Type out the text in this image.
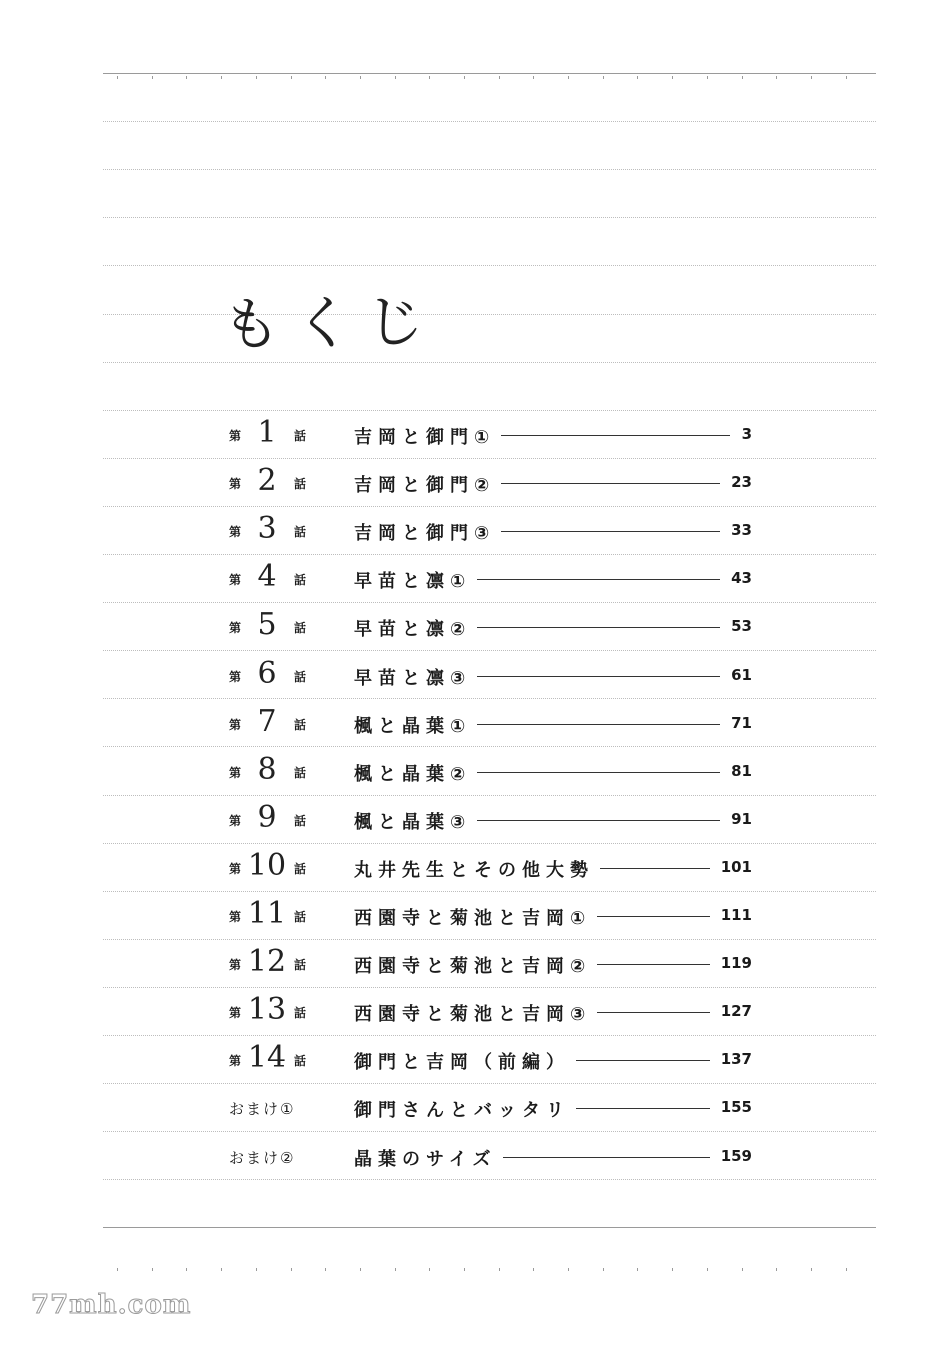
もくじ
第 1	話	吉岡と御門①	3
第 2	話	吉岡と御門②	23
第 3	話	吉岡と御門③	33
第 4	話	早苗と凛①	43
第 5	話	早苗と凛②	53
第 6	話	早苗と凛③	61
第 7	話	楓と晶葉①	71
第 8	話	楓と晶葉②	81
第 9	話	楓と晶葉③	91
第 10 話	丸井先生とその他大勢	101
第 11 話	西園寺と菊池と吉岡①	111
第 12 話	西園寺と菊池と吉岡②	119
第 13 話	西園寺と菊池と吉岡③	127
第 14 話	御門と吉岡（前編）	137
おまけ①	御門さんとバッタリ	155
おまけ②	晶葉のサイズ	159
77mh.com
